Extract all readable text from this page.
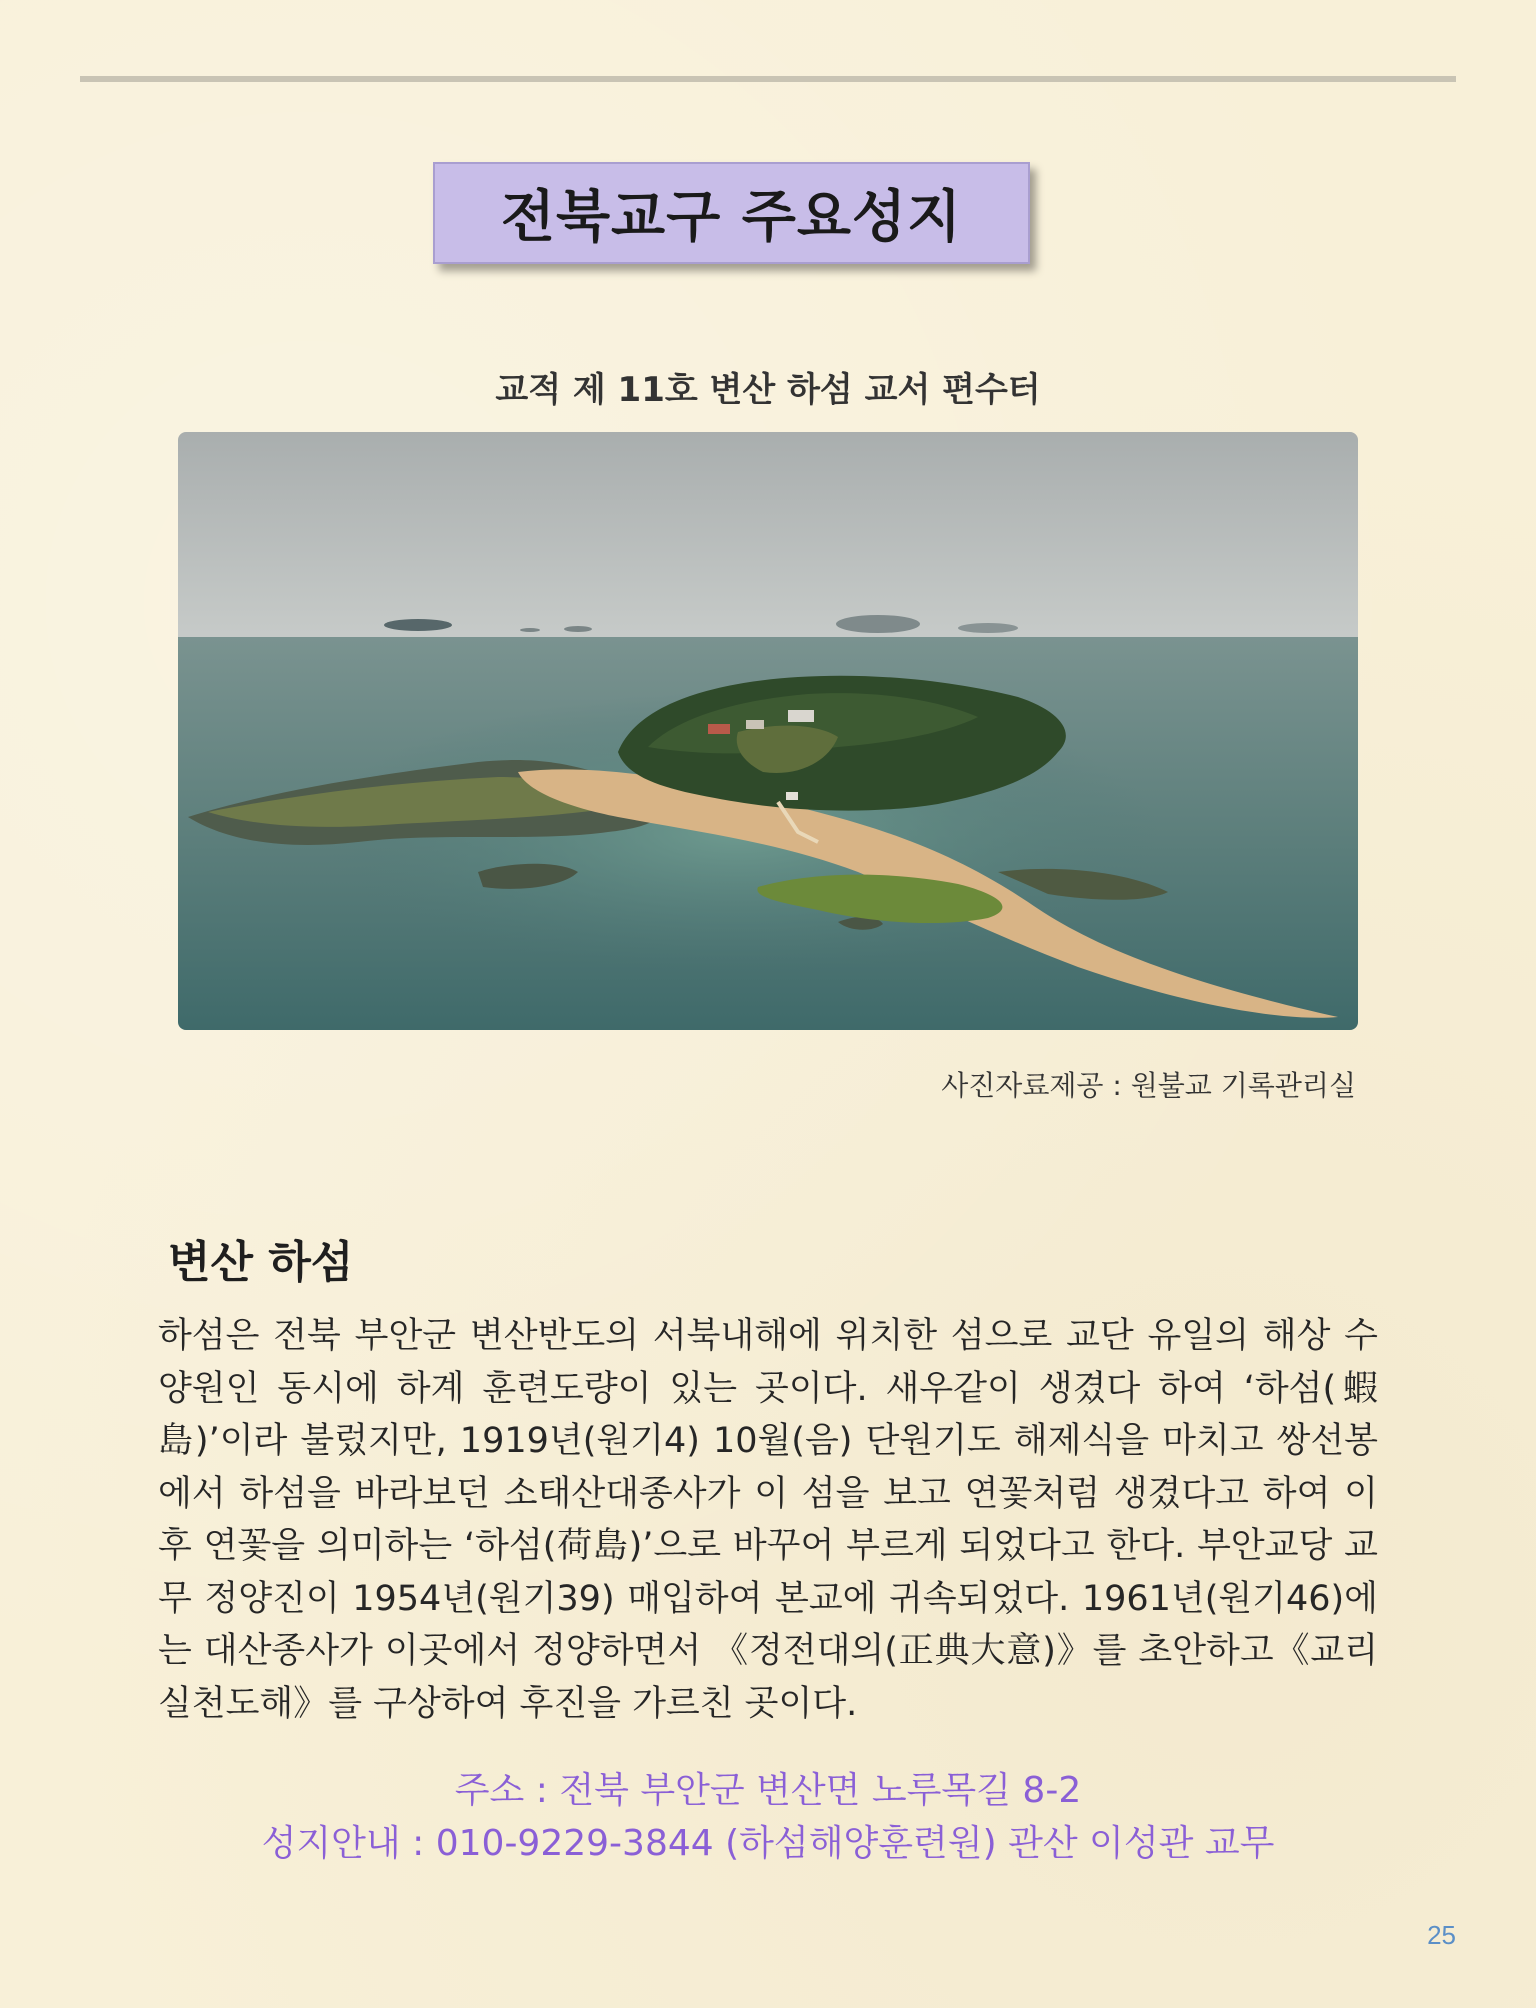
전북교구 주요성지
교적 제 11호 변산 하섬 교서 편수터
사진자료제공 : 원불교 기록관리실
변산 하섬

하섬은 전북 부안군 변산반도의 서북내해에 위치한 섬으로 교단 유일의 해상 수양원인 동시에 하계 훈련도량이 있는 곳이다. 새우같이 생겼다 하여 ‘하섬(蝦島)’이라 불렀지만, 1919년(원기4) 10월(음) 단원기도 해제식을 마치고 쌍선봉에서 하섬을 바라보던 소태산대종사가 이 섬을 보고 연꽃처럼 생겼다고 하여 이후 연꽃을 의미하는 ‘하섬(荷島)’으로 바꾸어 부르게 되었다고 한다. 부안교당 교무 정양진이 1954년(원기39) 매입하여 본교에 귀속되었다. 1961년(원기46)에는 대산종사가 이곳에서 정양하면서 《정전대의(正典大意)》를 초안하고《교리실천도해》를 구상하여 후진을 가르친 곳이다.

주소 : 전북 부안군 변산면 노루목길 8-2
성지안내 : 010-9229-3844 (하섬해양훈련원) 관산 이성관 교무
25
